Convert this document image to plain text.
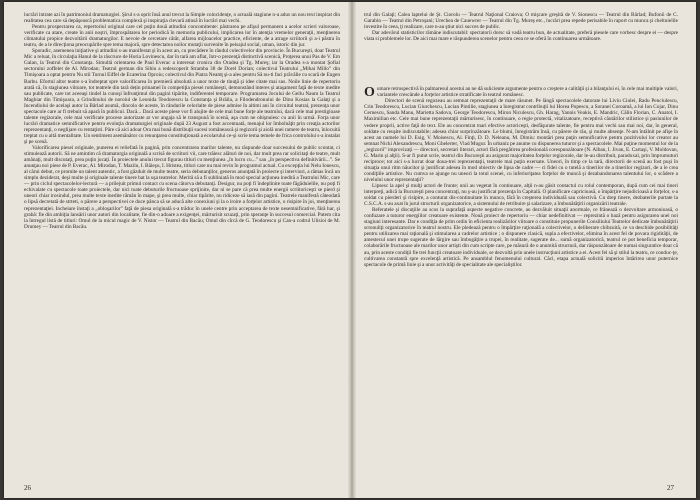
lucrări intrate azi în patrimoniul dramaturgiei. Şirul s-a oprit însă anul trecut la Simple coincidenţe, o actuală stagiune n-a adus un nou text inspirat din realitatea cea care să depăşească problematica complexă şi inspiraţia clevară atinsă în lucrări mai vechi.

Pentru prospectarea ca, repertoriul original care cel puţin două atitudini concomitente: păstrarea pe afişul permanent a acelor scrieri valoroase, verificate ca atare, create în anii noştri, împrospătarea lor periodică în memoria publicului, implicarea lor în atenţia vremelor generaţii, menţinerea climatului propice dezvoltării dramaturgilor. E nevoie de cercetare câtăt, alfarea mijloacelor practice, eficiente, de a atrage scriitorii şi a-i păstra în teatru, de a le direcţiona preocupările spre tema majoră, spre detectarea noilor mutaţii survenite în peisajul social, uman, istoric din jur.

Sporadic, asemenea iniţiative şi atitudini s-au manifestat şi în acest an, cu precădere în rândul colectivelor din provincie. În Bucureşti, doar Teatrul Mic a reluat, în circulaţia Hanul de la răscruce de Horia Lovinescu, dar în tară am aflat, într-o prezenţă distinctivă scenică, Proţerea unui Pas de V. Em Galan, la Teatrul din Constanţa. Simultă orientarea de Paul Everac a interesat cronica din Oradea şi Tg. Mureş; iar la Oradea s-a montat Şofial sectorului zoffelet de Al. Mirodan; Teatrul german din Sibiu a redescoperit Stramba 38 de Dorel Dorian; colectivul Teatrului „Mihai Millo” din Timişoara a optat pentru Nu stii Turnul Eiffel de Ecaterina Oproiu; colectivul din Piatra Neamţ şi-a ales pentru Să nu-ti faci prăvălie cu scară de Eugen Barbu. Efortul altor teatre s-a îndreptat spre valorificarea în premieră absolută a unor texte de tinuţă şi idee citate mai sus. Noile linie de repertoriu arată că, în stagiunea viitoare, tot teatrele din tară dețin prinamel în competiţia piesei româneşti, demonstând interes şi ataşament faţă de texte inedite sau publicate, care tot aceeaşi tindel la cunoşi înfrunţimul din pagini tipărite, indiferentei temporare. Programarea Jocului de Gellu Naum la Teatrul Maghiar din Timişoara, a Grindinului de noroiul de Leonida Teodorescu la Constanţa şi Brăila, a Filodendronului de Dinu Kosias la Galaţi şi a Incendiului de acelaşi autor la Bârlad asumă, dincolo de aceste, în rândurile celorlalte de piese admise în altimi ani în circuitul teatral, prezenţa unor spectacole care ar fi trebuit să apară în publicul. Dacă... Dacă aceste piese vor fi alujite de cele mai bune forţe ale teatrului, dacă cele mai prestigioase talente regizorale, cele mai verificate procese autorizate ar vor angaja să le transpună în scenă, aşa cum ne obişnuiesc cu anii în urmă. Forţa unor lucrări dramatice semnificative pentru evoluţia dramaturgiei originale după 23 August a fost accentuată, menajul lor îmbolnăţit prin creaţia actorilor reprezentanţi, o neglijare cu rentaţisti. Păre că aici adoar Ora mai bună distribuţii sucesi românească şi regizorii şi aiolă unei ramere de teatru, înlocuită treptat cu o altă mentalitate. Un sentiment asemănător cu renunţarea constituţionată a ecolarului ce-şi scrie tema temele de frica controlului s-a instalat şi pe scenă.

Valorificarea piesei originale, punerea ei reliefată în pagină, prin concentrarea marilor talente, nu răspunde doar succesului de public scontat, ci stimulează autorii. Să ne amintim că dramaturgia originală a scrisă de scriitori vii, care trăiesc alături de noi, dar mult prea rar solicitaţi de teatre, mult amânaţi, mult discutaţi, prea puţin jucaţi. În proiectele anului trecut figurau titluri cu menţiunea „în lucru cu...” sau „în perspectiva definitivării...”. Se anunţau noi piese de P. Everac, Al. Mirodan, T. Mazilu, I. Băieşu, I. Hristea, titluri care nu mai revin în programul actual. Cu excepţia lui Nelu Ionescu, al cărui debut, ce promite un talent autentic, a fost găzduit de multe teatre, seria debutanţilor, generos anunţată în proiecte şi interviuri, a rămas încă un simplu deziderat, deşi multe şi originale talente tinere bat la uşa teatrelor. Meritâ să a fi subliniată în mod special acţiunea inedită a Teatrului Mic, care — prin ciclul spectacolelor-lectură — a prilejuit primul contact cu scena câtorva debutanţi. Desigur, nu poţi fi îndeplinite toate făgăduielile, nu poţi fi echivalate cu spectacole toate proiectele, dar nici toate debuturile fructuoase sprijinite, dar ni se pare că prea multe energii scriitoriceşti se pierd şi uneori chiar irosindul, prea multe texte inedite rămân în mape, şi prea multe, chiar tipărite, nu ridiceze să iasă din pagini. Teatrele manifestă câteodată o lipsă decretată de strteti, o părere a perspectivei ce duce pânca să se aducă alte conexiuni şi la o iroire a forţelor artistice, o risipire în joi, menţinerea reprezentaţiei. Incheiare înstaţi a „obloşarilor” faţă de piesa originală s-a trăduc în unele centre prin acceptarea de texte nesemnificative, fără har, şi grabă: fie din ambiţia lansării unor autori din localitate, fie din-o adoare a exigenţei, mărturisit scuzaţi, prin speranţe în succesul comercial. Putem cita la întregul listă de titluri: Omul de la micul magic de V. Nistor — Teatrul din Bacău; Omul din cîrcă de G. Teodorescu şi Can-a codrul Ulisioi de M. Drumey — Teatrul din Bacău.

26

trul din Galaţi; Calea laptelui de Şt. Ciorolu — Teatrul Naţional Craiova; O mişcare greşită de V. Sionescu — Teatrul din Bârlad; Bufonii de C. Garabin — Teatrul din Petroşani; Urechea de Cauewrer — Teatrul din Tg. Mureş etc., lucrări prea repede perisabile în raport cu munca şi cheltuielile investite în ceea, ţi realizare, care n-au ştiut nici succes de public.

Dar adevărul statisticilor rămâne indiscutabil: spectatorii dorsc să vadă teatru bun, de actualitate, preferă piesele care vorbesc despre ei — despre viata si problemele lor. De aici mai mare e răspunderea scenelor pentru ceea ce se oferă în continuarea următoare.

Oumare retrospectivă în palmaresul acestui an ne dă suliciente argumente pentru o creştere a calităţii şi a bilanţului ei, în cele mai multiple valori, variantele crescânde a forţelor artistice stratificate în teatrul românesc.

Directori de scenă regozeau au semnat reprezentaţii de mare răsunet. Pe lângă spectacolele datorate lui Liviu Ciulei, Radu Penciulescu, Crin Teodorescu, Lucian Giurchescu, Lucian Pintilie, stagiunea a înregistrat contribuţii lui Horea Popescu, a Soranei Coroamă, a lui Ion Cojar, Dinu Cernescu, Sanda Manu, Marietta Sadova, George Teodorescu, Miron Niculescu, Gh. Harag, Yannis Veakis, E. Mandric, Călin Florian, C. Anatol, I. Maximilian etc. Cele mai bune reprezentaţii mărturisesc, în continuare, o regie protectă, vitalizatoare, receptivă căutărilor stilistice şi pasiunilor de vedere proprii, active faţă de text. Ele au concentrat mari efective actoriceşti, desfăşurate talente, fie pentru mai vechi sau mai noi, dar, în general, soldate cu reuşite indiscutabile; adesea chiar surprinzătoare. Le blumi, înregistrăm însă, cu părere de rău, şi multe absenţe. N-am întâlnit pe afişe în acest an numele lui D. Esig, V. Moisescu, Al. Finţi, D. D. Neleanu, M. Dimiu: montări prea puţin semnificative pentru pozitivului lor creator au semnat Nicki Alexandrescu, Moni Ghelerter, Vlad Mugur. În urbaniz pe anume cu dispunerea tuturor şi a spectacolele. Mai puţine momentul lor de la „regizorii” improvizaţi — directori, secretari literari, actori fără pregătirea profesională corespunzătoare (N. Alban, I. Jivan, E. Cartaşi, V. Moldovan, G. Marin şi alţii). S-ar fi putut scrie, teatrul din Bucureşti au asigurat majoritatea forţelor regizorale, dar le-au distribuit, paradoxal, prin împrumuturi reciproce; tot aici s-a lucrat doar doua-trei reprezentaţii, teatrele mai puţin exersate. Uneori, în timp ce la tară, directorii de scenă au fost puşi în situaţia unui ritm năucitor şi justificat adesea în mod obiectiv de lipsa de cadre — ci fidel cu o tutelă a tinerilor de a tinerilor regizori, de a le crea condiţiile artistice. Nu cumva se ajunge nu uneori la totul scenei, cu inferioriţatea forţelor de muncă şi dezabandonarea talentului lor, o scădere a nivelului unor reprezentaţii?

Lipsesc la apel şi mulţi actori de frunte; unii au vegetat în continuare, alţii n-au găsit contactul cu rolul contemporan, după cum cei mai tineri interpreţi, adică la Bucureşti prea concentraţi, nu ş-au justificat prezenţa în Capitală. O planificare capricioasă, o împărţire nejudicioasă a forţelor, s-a soldat cu pierderi şi risipire, a conturat dis-continuitate în munca, fără în creşterea individuală sau colectivă. Cu drep tinere, dezbaterile purtate la C.S.C.A. s-au axat în jurul structurii organizatorice, a sistemului de retribuire şi salarizare, a îmbunătăţirii organizării teatrale.

Referatele şi discuţiile au scos la suprafaţă aspecte negative concrete, au dezvăluit situaţii anormale, ce frânează o dezvoltare armonioasă, o confuzare a tuturor energiilor creatoare existente. Nouă proiect de repertoriu — chiar nedefinitivat — reprezintă o bază pentru asigurarea unei noi stagiuni interesante. Dar e condiţia de prim ordin în eficienta realizărilor viitoare o constituie propunerile Consiliului Teatrelor dedicate îmbunătăţirii sctonuliţi organizatorice în teatrul nostru. Ele pledează pentru o împărţire raţională a colectivelor, o deliberare chibzuită, ce va deschide posibilităţi pentru utilizarea mai raţională şi stimularea a cadrelor artistice ; o dispunere clasică, supla a efectivelor, elimina în acest fel de povara rigidităţii, de amestecul unei trupe sugerate de lărgire sau îmbogăţire a trupei, în realitate, sugerate de... sumă organizatorică, teatrul ce pot beneficia temporar, colaborările fructuoase ale marilor unor artişti din cum scripte care, pe măsură de o anumită structură, dar răspunzătoare de numai singuratice doar că au, prin aceste condiţii fie trei funcţii creatoare individuale, se dezvoltă prin unele instrucţiuni artistice a ei. Acest fel să şi stilul la teatru, ce conduc-ţe, cultivarea constantă spre excelenţă artistică. Pe ansamblul fenomenului cultural. Căci, etapa actuală solicită imperios întărirea unor puternice spectacole de primă linie şi a unor activităţi de specialitate ale specialiştilor.

27
